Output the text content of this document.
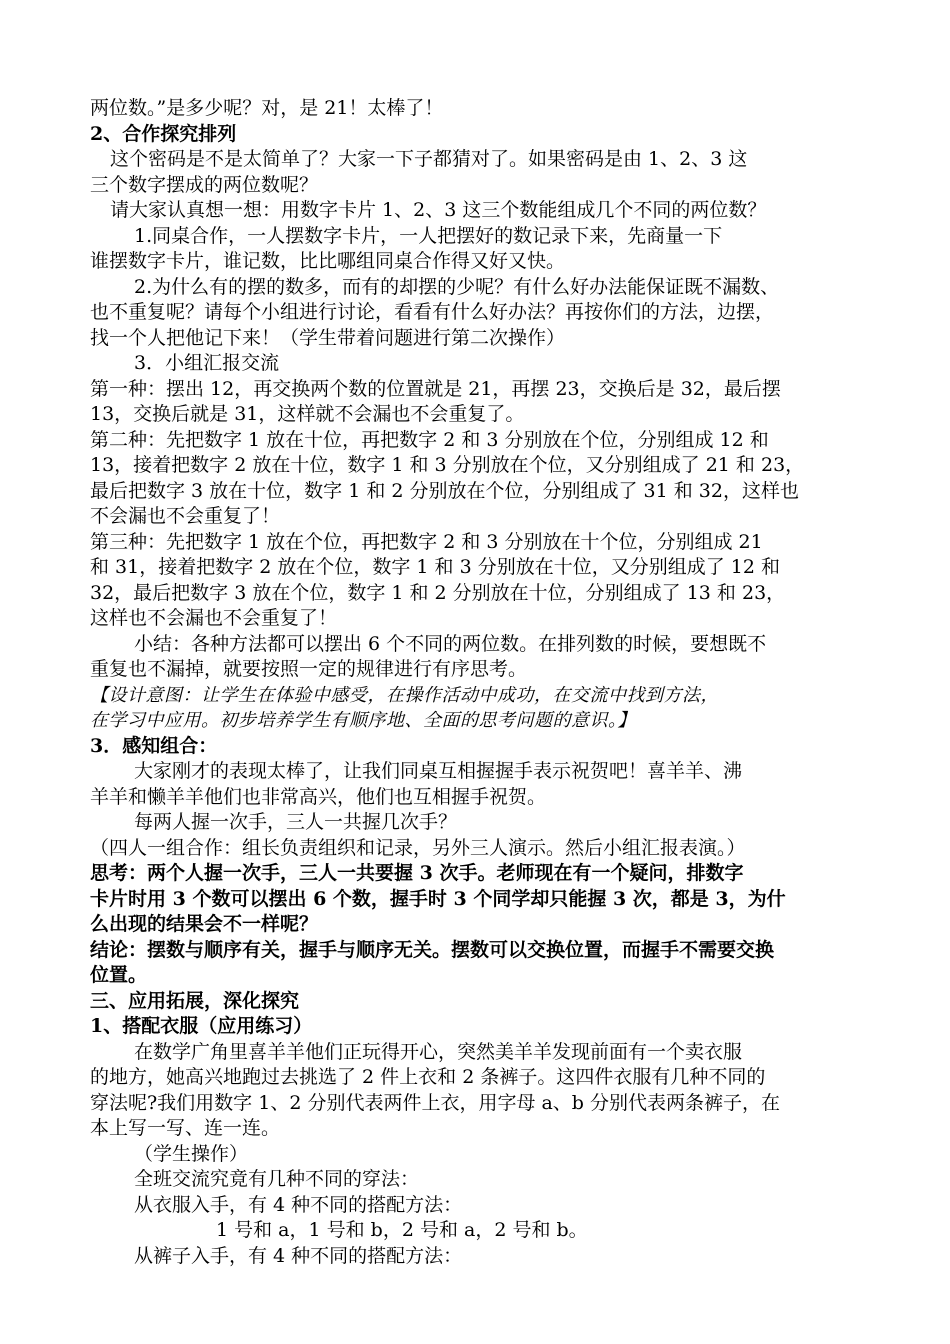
两位数。”是多少呢？对，是 21！太棒了！
2、合作探究排列
这个密码是不是太简单了？大家一下子都猜对了。如果密码是由 1、2、3 这
三个数字摆成的两位数呢？
请大家认真想一想：用数字卡片 1、2、3 这三个数能组成几个不同的两位数？
1.同桌合作，一人摆数字卡片，一人把摆好的数记录下来，先商量一下
谁摆数字卡片，谁记数，比比哪组同桌合作得又好又快。
2.为什么有的摆的数多，而有的却摆的少呢？有什么好办法能保证既不漏数、
也不重复呢？请每个小组进行讨论，看看有什么好办法？再按你们的方法，边摆，
找一个人把他记下来！（学生带着问题进行第二次操作）
3．小组汇报交流
第一种：摆出 12，再交换两个数的位置就是 21，再摆 23，交换后是 32，最后摆
13，交换后就是 31，这样就不会漏也不会重复了。
第二种：先把数字 1 放在十位，再把数字 2 和 3 分别放在个位，分别组成 12 和
13，接着把数字 2 放在十位，数字 1 和 3 分别放在个位，又分别组成了 21 和 23，
最后把数字 3 放在十位，数字 1 和 2 分别放在个位，分别组成了 31 和 32，这样也
不会漏也不会重复了！
第三种：先把数字 1 放在个位，再把数字 2 和 3 分别放在十个位，分别组成 21
和 31，接着把数字 2 放在个位，数字 1 和 3 分别放在十位，又分别组成了 12 和
32，最后把数字 3 放在个位，数字 1 和 2 分别放在十位，分别组成了 13 和 23，
这样也不会漏也不会重复了！
小结：各种方法都可以摆出 6 个不同的两位数。在排列数的时候，要想既不
重复也不漏掉，就要按照一定的规律进行有序思考。
【设计意图：让学生在体验中感受，在操作活动中成功，在交流中找到方法，
在学习中应用。初步培养学生有顺序地、全面的思考问题的意识。】
3．感知组合：
大家刚才的表现太棒了，让我们同桌互相握握手表示祝贺吧！喜羊羊、沸
羊羊和懒羊羊他们也非常高兴，他们也互相握手祝贺。
每两人握一次手，三人一共握几次手？
（四人一组合作：组长负责组织和记录，另外三人演示。然后小组汇报表演。）
思考：两个人握一次手，三人一共要握 3 次手。老师现在有一个疑问，排数字
卡片时用 3 个数可以摆出 6 个数，握手时 3 个同学却只能握 3 次，都是 3，为什
么出现的结果会不一样呢？
结论：摆数与顺序有关，握手与顺序无关。摆数可以交换位置，而握手不需要交换
位置。
三、应用拓展，深化探究
1、搭配衣服（应用练习）
在数学广角里喜羊羊他们正玩得开心，突然美羊羊发现前面有一个卖衣服
的地方，她高兴地跑过去挑选了 2 件上衣和 2 条裤子。这四件衣服有几种不同的
穿法呢?我们用数字 1、2 分别代表两件上衣，用字母 a、b 分别代表两条裤子，在
本上写一写、连一连。
（学生操作）
全班交流究竟有几种不同的穿法：
从衣服入手，有 4 种不同的搭配方法：
1 号和 a，1 号和 b，2 号和 a，2 号和 b。
从裤子入手，有 4 种不同的搭配方法：
